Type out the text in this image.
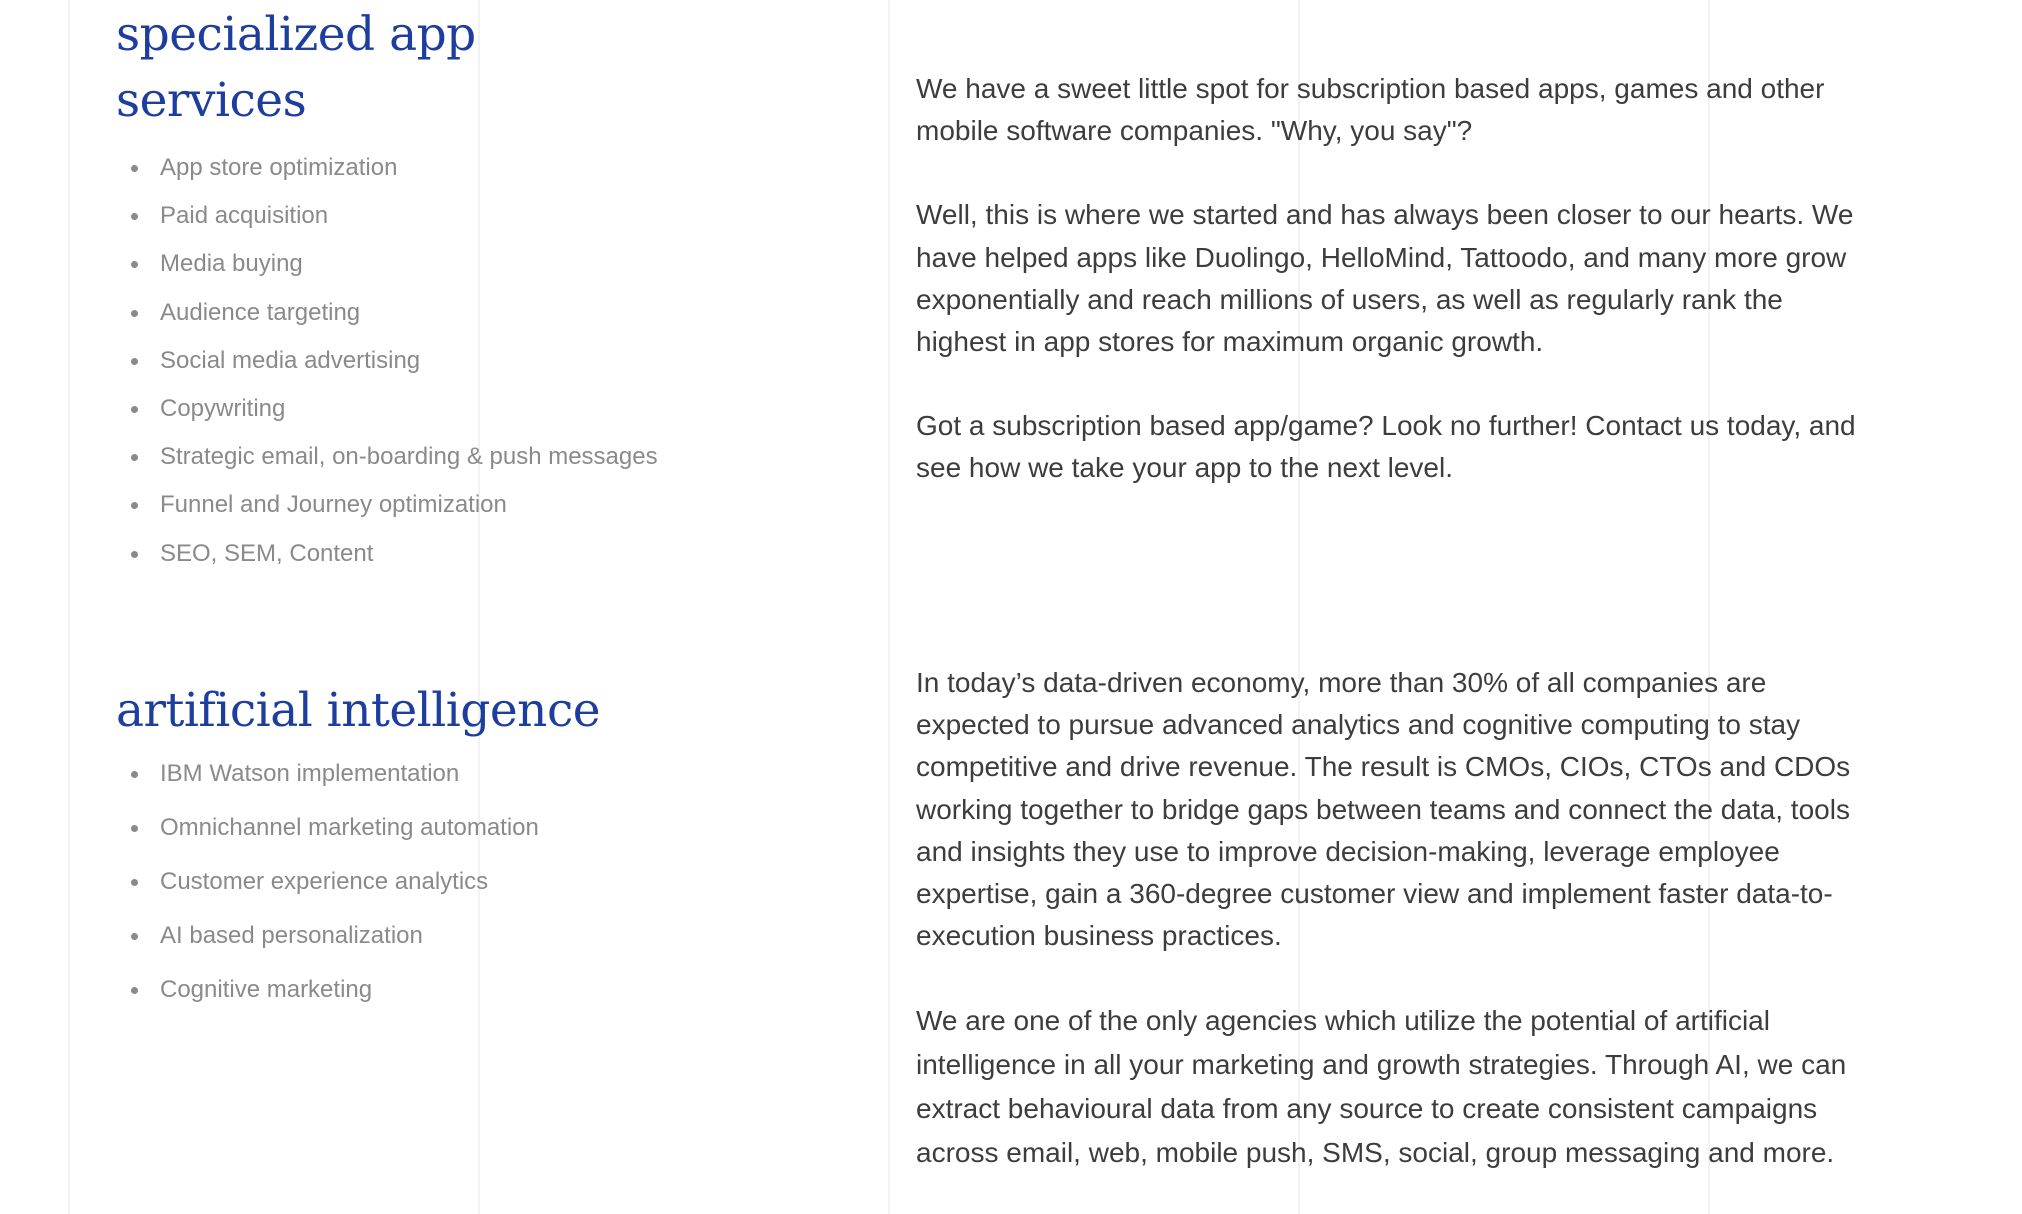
specialized app
services
App store optimization
Paid acquisition
Media buying
Audience targeting
Social media advertising
Copywriting
Strategic email, on-boarding & push messages
Funnel and Journey optimization
SEO, SEM, Content

We have a sweet little spot for subscription based apps, games and other mobile software companies. "Why, you say"?

Well, this is where we started and has always been closer to our hearts. We have helped apps like Duolingo, HelloMind, Tattoodo, and many more grow exponentially and reach millions of users, as well as regularly rank the highest in app stores for maximum organic growth.

Got a subscription based app/game? Look no further! Contact us today, and see how we take your app to the next level.

artificial intelligence
IBM Watson implementation
Omnichannel marketing automation
Customer experience analytics
AI based personalization
Cognitive marketing

In today’s data-driven economy, more than 30% of all companies are expected to pursue advanced analytics and cognitive computing to stay competitive and drive revenue. The result is CMOs, CIOs, CTOs and CDOs working together to bridge gaps between teams and connect the data, tools and insights they use to improve decision-making, leverage employee expertise, gain a 360-degree customer view and implement faster data-to-execution business practices.

We are one of the only agencies which utilize the potential of artificial intelligence in all your marketing and growth strategies. Through AI, we can extract behavioural data from any source to create consistent campaigns across email, web, mobile push, SMS, social, group messaging and more.
